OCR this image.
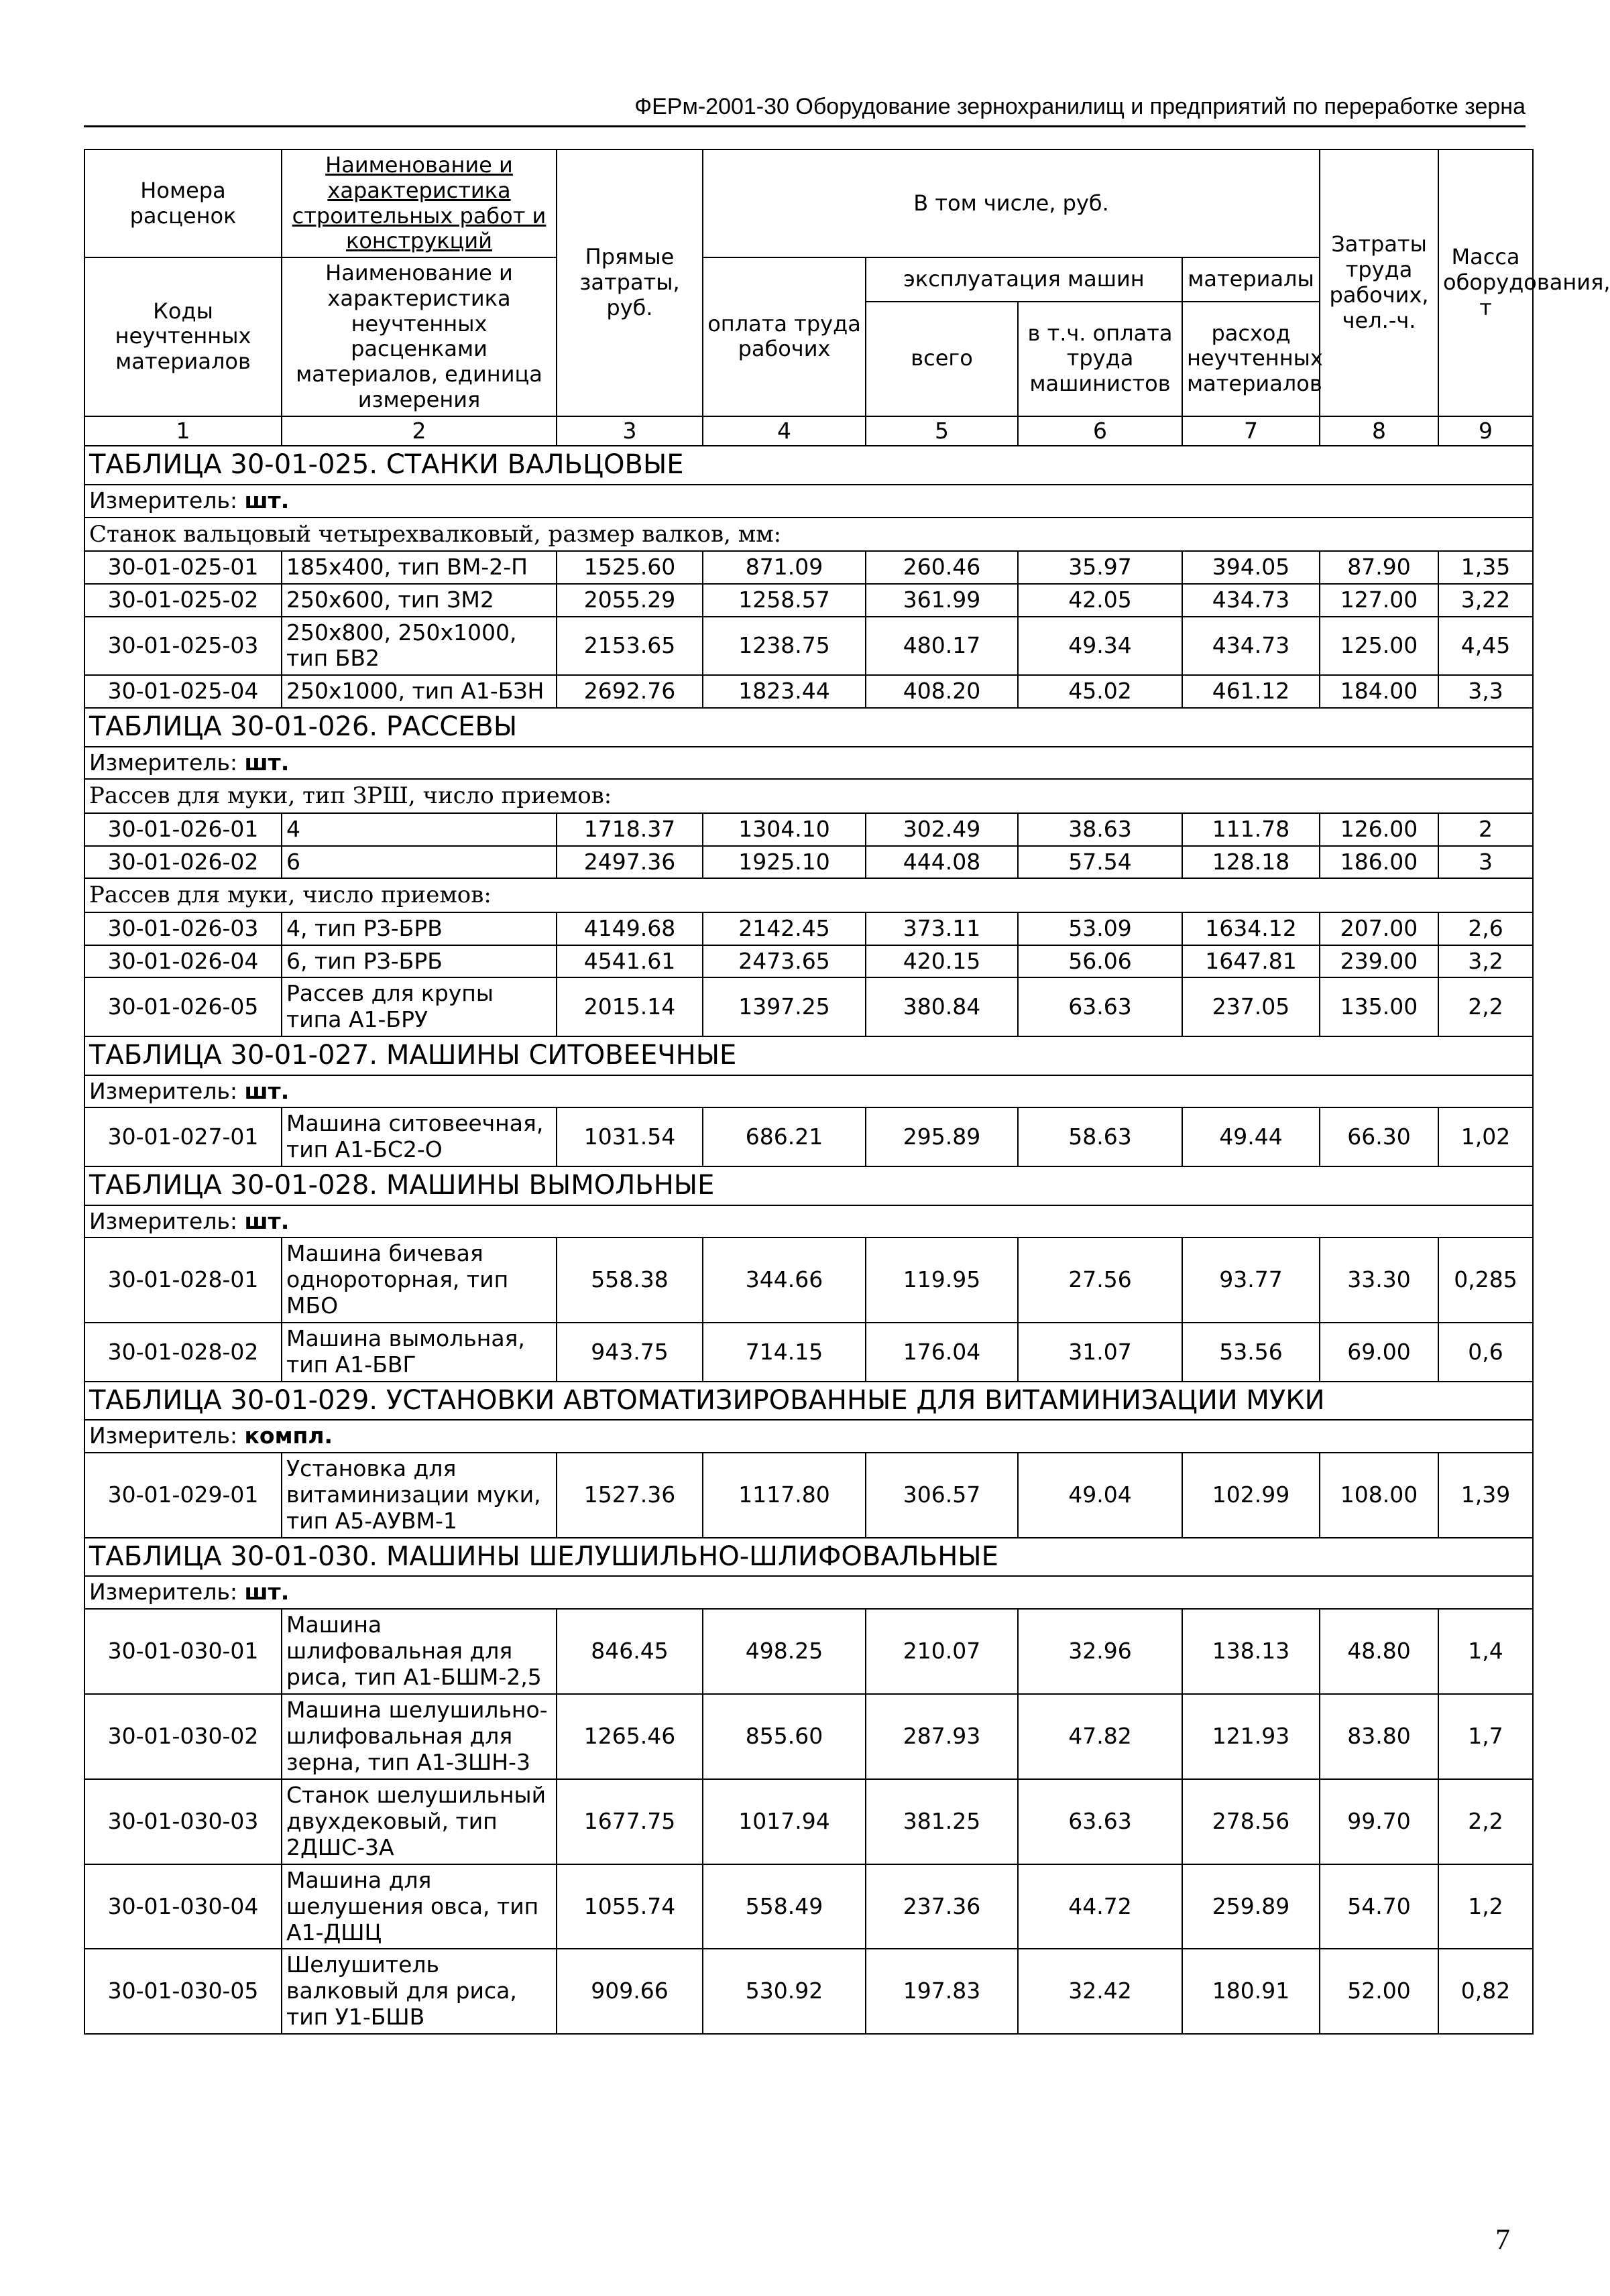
ФЕРм-2001-30 Оборудование зернохранилищ и предприятий по переработке зерна
Номера расценок	Наименование и характеристика строительных работ и конструкций	Прямые затраты, руб.	В том числе, руб.				Затраты труда рабочих, чел.-ч.	Масса оборудования, т
Коды неучтенных материалов	Наименование и характеристика неучтенных расценками материалов, единица измерения		оплата труда рабочих	эксплуатация машин		материалы		
				всего	в т.ч. оплата труда машинистов	расход неучтенных материалов		
1	2	3	4	5	6	7	8	9
ТАБЛИЦА 30-01-025. СТАНКИ ВАЛЬЦОВЫЕ								
Измеритель: шт.								
Станок вальцовый четырехвалковый, размер валков, мм:								
30-01-025-01	185х400, тип ВМ-2-П	1525.60	871.09	260.46	35.97	394.05	87.90	1,35
30-01-025-02	250х600, тип ЗМ2	2055.29	1258.57	361.99	42.05	434.73	127.00	3,22
30-01-025-03	250х800, 250х1000, тип БВ2	2153.65	1238.75	480.17	49.34	434.73	125.00	4,45
30-01-025-04	250х1000, тип А1-БЗН	2692.76	1823.44	408.20	45.02	461.12	184.00	3,3
ТАБЛИЦА 30-01-026. РАССЕВЫ								
Измеритель: шт.								
Рассев для муки, тип ЗРШ, число приемов:								
30-01-026-01	4	1718.37	1304.10	302.49	38.63	111.78	126.00	2
30-01-026-02	6	2497.36	1925.10	444.08	57.54	128.18	186.00	3
Рассев для муки, число приемов:								
30-01-026-03	4, тип РЗ-БРВ	4149.68	2142.45	373.11	53.09	1634.12	207.00	2,6
30-01-026-04	6, тип РЗ-БРБ	4541.61	2473.65	420.15	56.06	1647.81	239.00	3,2
30-01-026-05	Рассев для крупы типа А1-БРУ	2015.14	1397.25	380.84	63.63	237.05	135.00	2,2
ТАБЛИЦА 30-01-027. МАШИНЫ СИТОВЕЕЧНЫЕ								
Измеритель: шт.								
30-01-027-01	Машина ситовеечная, тип А1-БС2-О	1031.54	686.21	295.89	58.63	49.44	66.30	1,02
ТАБЛИЦА 30-01-028. МАШИНЫ ВЫМОЛЬНЫЕ								
Измеритель: шт.								
30-01-028-01	Машина бичевая однороторная, тип МБО	558.38	344.66	119.95	27.56	93.77	33.30	0,285
30-01-028-02	Машина вымольная, тип А1-БВГ	943.75	714.15	176.04	31.07	53.56	69.00	0,6
ТАБЛИЦА 30-01-029. УСТАНОВКИ АВТОМАТИЗИРОВАННЫЕ ДЛЯ ВИТАМИНИЗАЦИИ МУКИ								
Измеритель: компл.								
30-01-029-01	Установка для витаминизации муки, тип А5-АУВМ-1	1527.36	1117.80	306.57	49.04	102.99	108.00	1,39
ТАБЛИЦА 30-01-030. МАШИНЫ ШЕЛУШИЛЬНО-ШЛИФОВАЛЬНЫЕ								
Измеритель: шт.								
30-01-030-01	Машина шлифовальная для риса, тип А1-БШМ-2,5	846.45	498.25	210.07	32.96	138.13	48.80	1,4
30-01-030-02	Машина шелушильно-шлифовальная для зерна, тип А1-ЗШН-3	1265.46	855.60	287.93	47.82	121.93	83.80	1,7
30-01-030-03	Станок шелушильный двухдековый, тип 2ДШС-3А	1677.75	1017.94	381.25	63.63	278.56	99.70	2,2
30-01-030-04	Машина для шелушения овса, тип А1-ДШЦ	1055.74	558.49	237.36	44.72	259.89	54.70	1,2
30-01-030-05	Шелушитель валковый для риса, тип У1-БШВ	909.66	530.92	197.83	32.42	180.91	52.00	0,82
7
